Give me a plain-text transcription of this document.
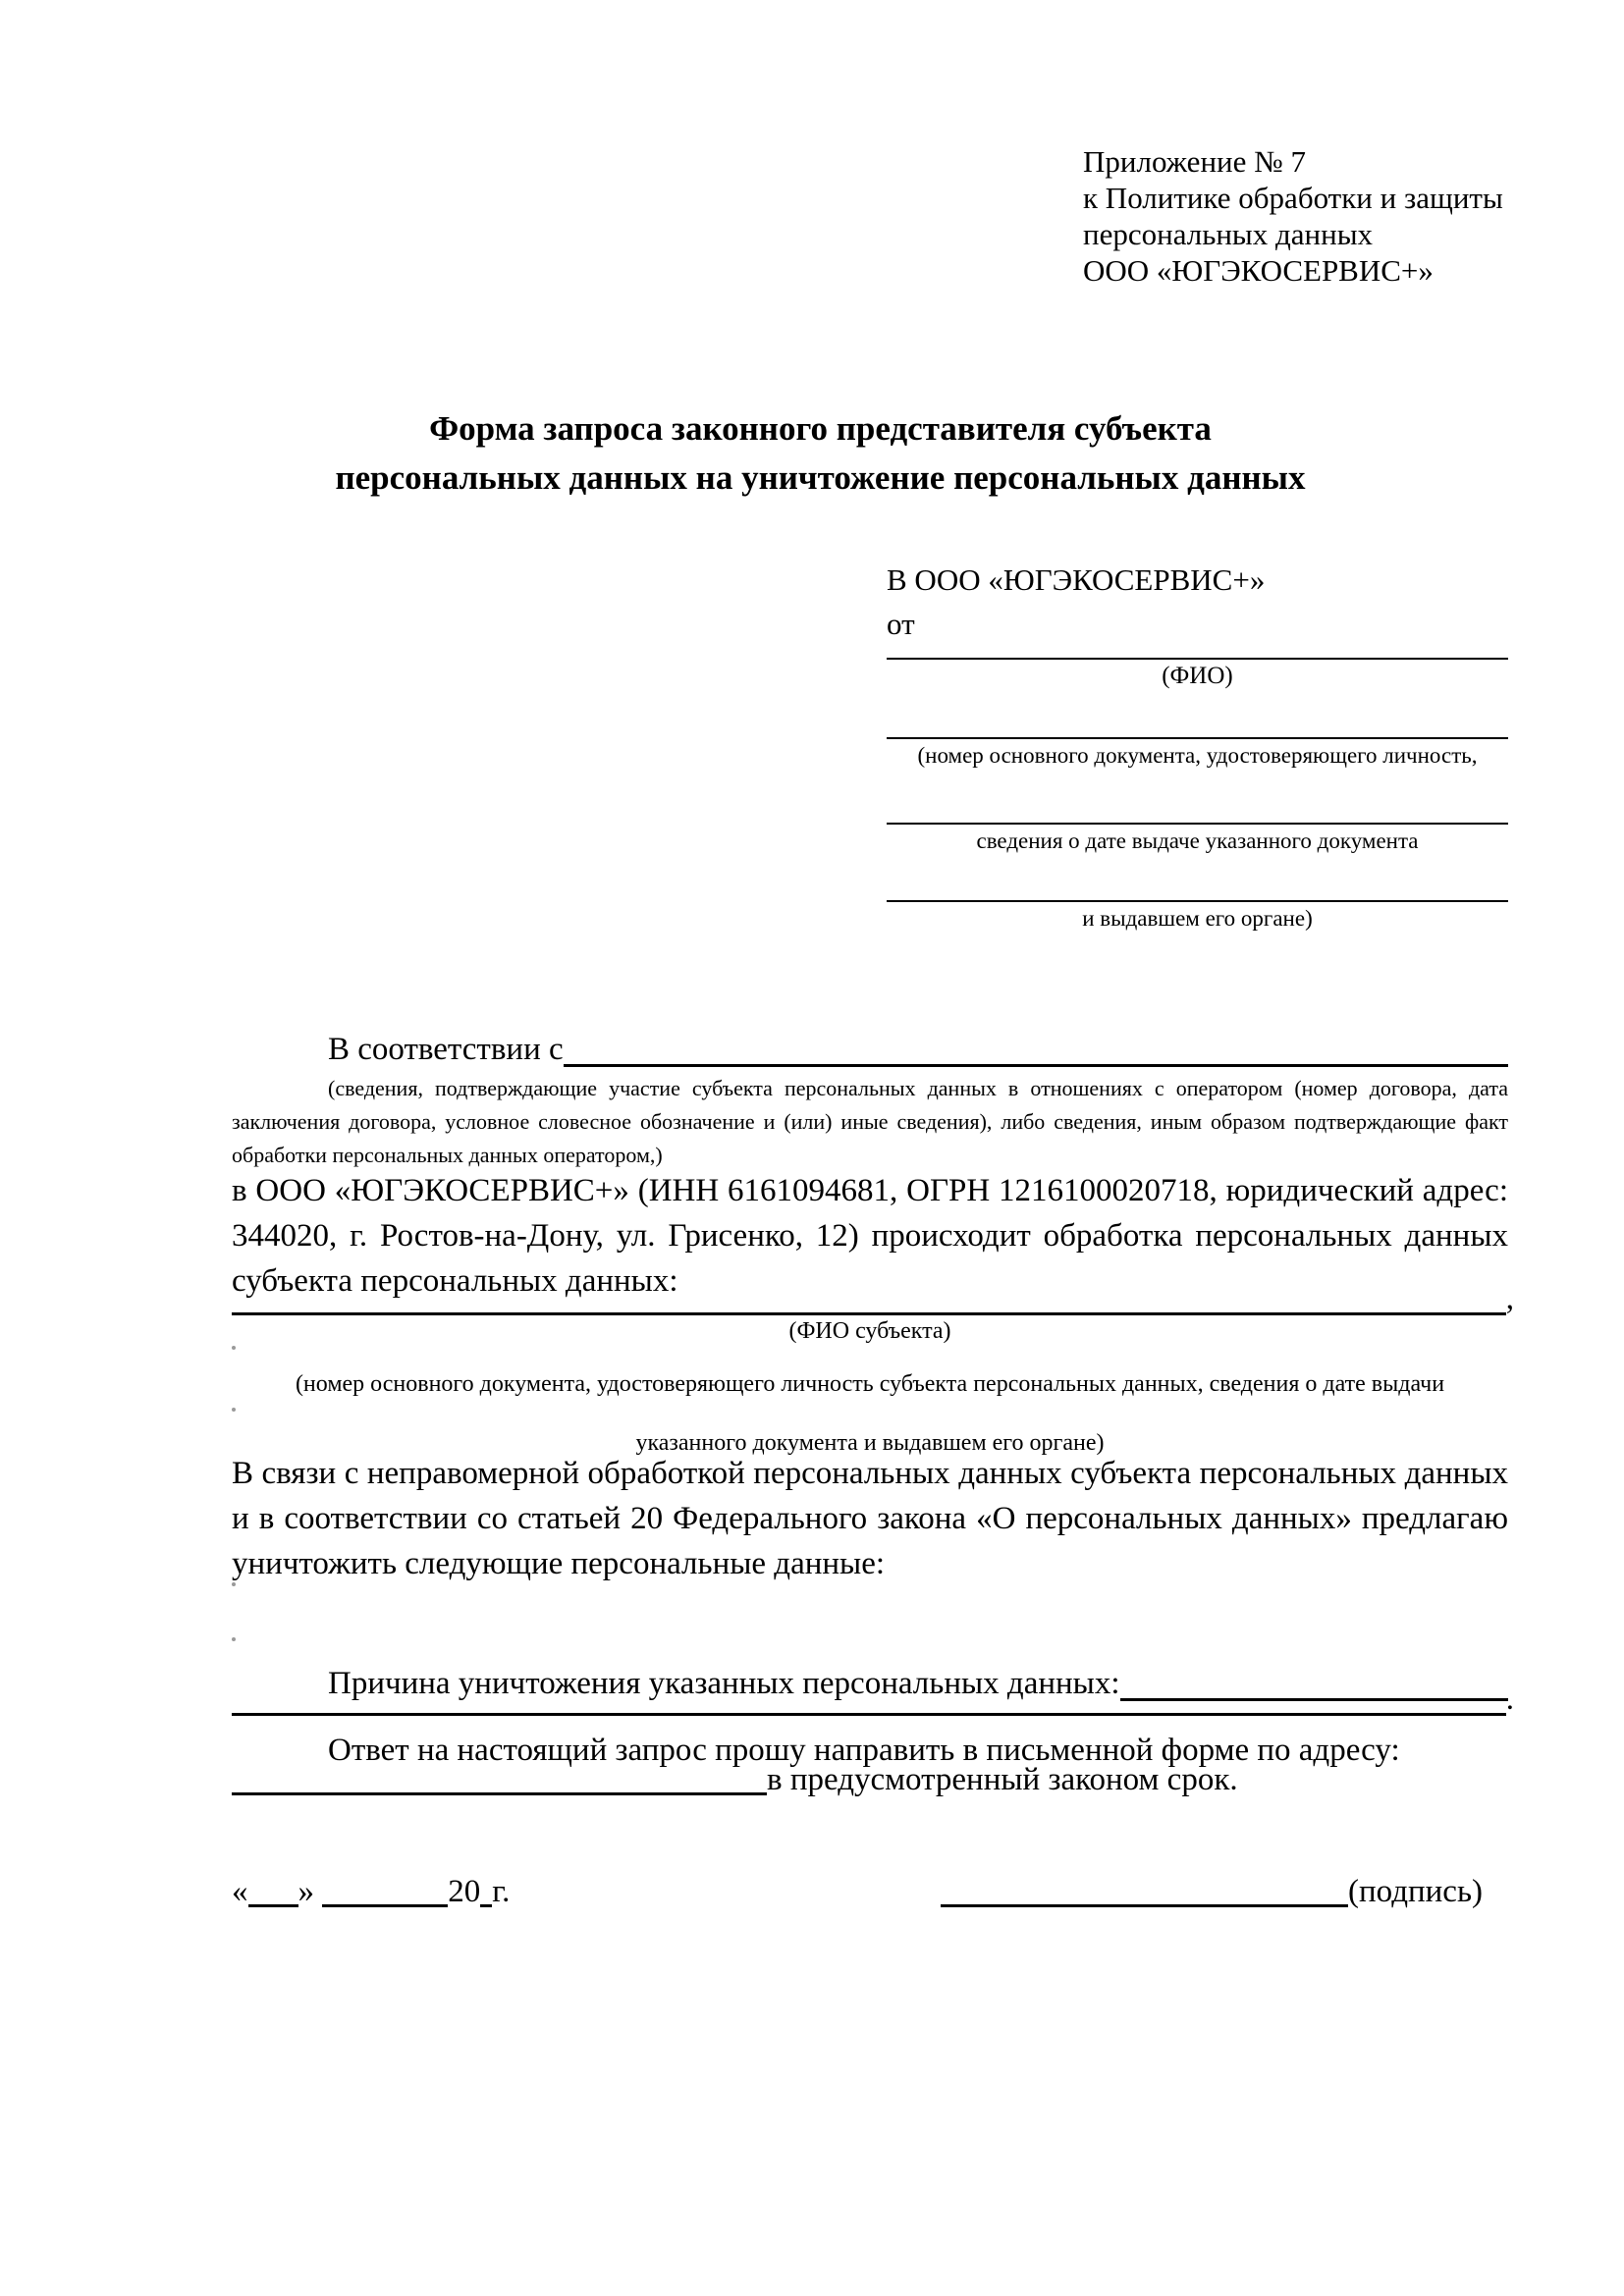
Приложение № 7
к Политике обработки и защиты
персональных данных
ООО «ЮГЭКОСЕРВИС+»
Форма запроса законного представителя субъекта
персональных данных на уничтожение персональных данных
В ООО «ЮГЭКОСЕРВИС+»
от
(ФИО)
(номер основного документа, удостоверяющего личность,
сведения о дате выдаче указанного документа
и выдавшем его органе)
В соответствии с
(сведения, подтверждающие участие субъекта персональных данных в отношениях с оператором (номер договора, дата заключения договора, условное словесное обозначение и (или) иные сведения), либо сведения, иным образом подтверждающие факт обработки персональных данных оператором,)
в ООО «ЮГЭКОСЕРВИС+» (ИНН 6161094681, ОГРН 1216100020718, юридический адрес: 344020, г. Ростов-на-Дону, ул. Грисенко, 12) происходит обработка персональных данных субъекта персональных данных:	,
(ФИО субъекта)
(номер основного документа, удостоверяющего личность субъекта персональных данных, сведения о дате выдачи
указанного документа и выдавшем его органе)
В связи с неправомерной обработкой персональных данных субъекта персональных данных и в соответствии со статьей 20 Федерального закона «О персональных данных» предлагаю уничтожить следующие персональные данные:
Причина уничтожения указанных персональных данных:	.
Ответ на настоящий запрос прошу направить в письменной форме по адресу:
в предусмотренный законом срок.
« »	20 г.	(подпись)
